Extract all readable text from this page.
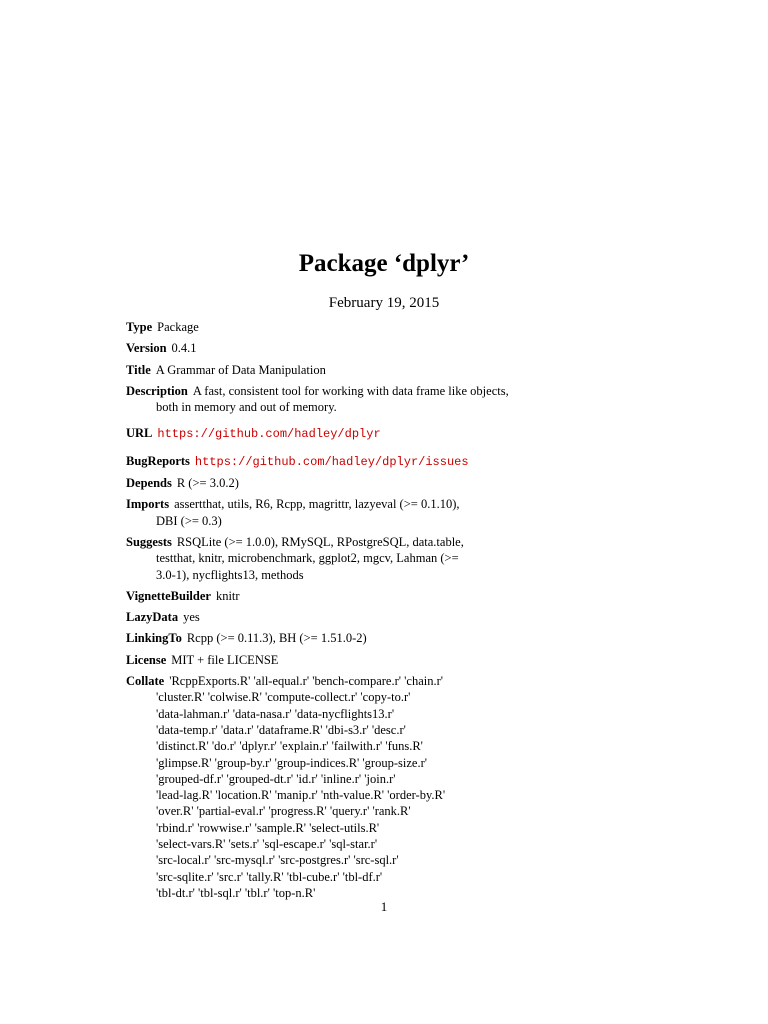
Package ‘dplyr’
February 19, 2015
Type Package
Version 0.4.1
Title A Grammar of Data Manipulation
Description A fast, consistent tool for working with data frame like objects,
both in memory and out of memory.
URL https://github.com/hadley/dplyr
BugReports https://github.com/hadley/dplyr/issues
Depends R (>= 3.0.2)
Imports assertthat, utils, R6, Rcpp, magrittr, lazyeval (>= 0.1.10),
DBI (>= 0.3)
Suggests RSQLite (>= 1.0.0), RMySQL, RPostgreSQL, data.table,
testthat, knitr, microbenchmark, ggplot2, mgcv, Lahman (>=
3.0-1), nycflights13, methods
VignetteBuilder knitr
LazyData yes
LinkingTo Rcpp (>= 0.11.3), BH (>= 1.51.0-2)
License MIT + file LICENSE
Collate 'RcppExports.R' 'all-equal.r' 'bench-compare.r' 'chain.r'
'cluster.R' 'colwise.R' 'compute-collect.r' 'copy-to.r'
'data-lahman.r' 'data-nasa.r' 'data-nycflights13.r'
'data-temp.r' 'data.r' 'dataframe.R' 'dbi-s3.r' 'desc.r'
'distinct.R' 'do.r' 'dplyr.r' 'explain.r' 'failwith.r' 'funs.R'
'glimpse.R' 'group-by.r' 'group-indices.R' 'group-size.r'
'grouped-df.r' 'grouped-dt.r' 'id.r' 'inline.r' 'join.r'
'lead-lag.R' 'location.R' 'manip.r' 'nth-value.R' 'order-by.R'
'over.R' 'partial-eval.r' 'progress.R' 'query.r' 'rank.R'
'rbind.r' 'rowwise.r' 'sample.R' 'select-utils.R'
'select-vars.R' 'sets.r' 'sql-escape.r' 'sql-star.r'
'src-local.r' 'src-mysql.r' 'src-postgres.r' 'src-sql.r'
'src-sqlite.r' 'src.r' 'tally.R' 'tbl-cube.r' 'tbl-df.r'
'tbl-dt.r' 'tbl-sql.r' 'tbl.r' 'top-n.R'
1
